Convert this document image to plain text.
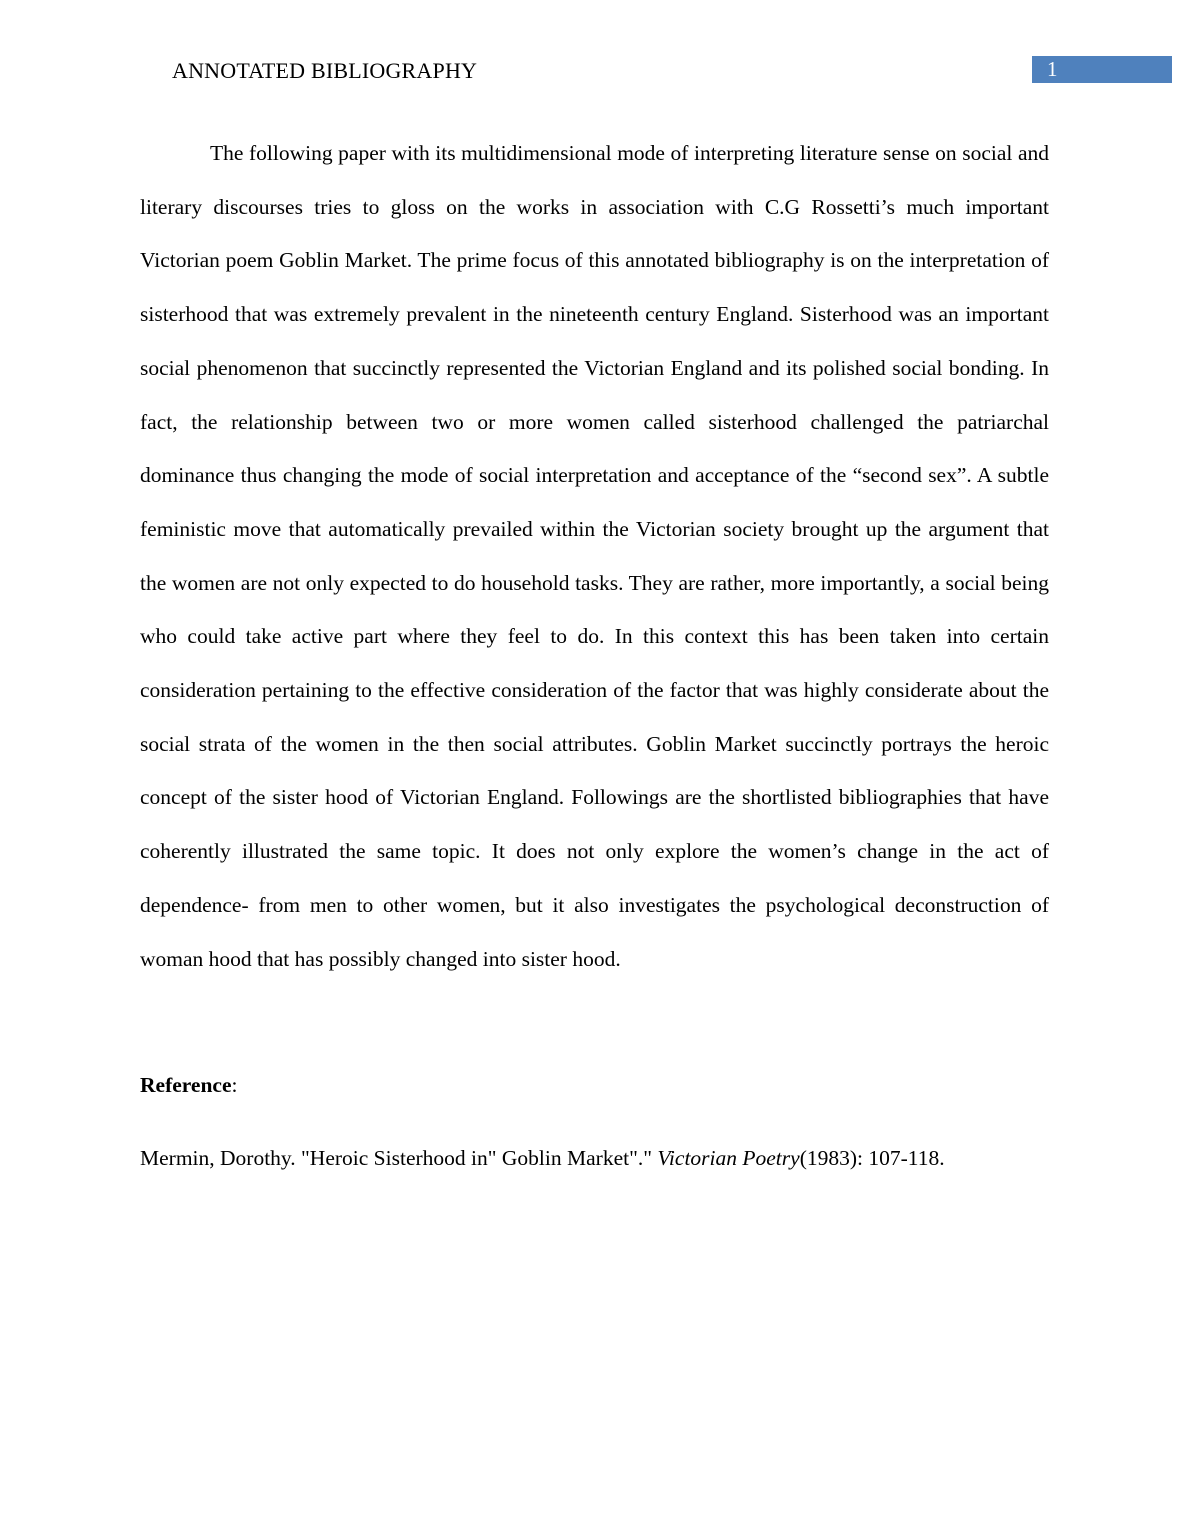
ANNOTATED BIBLIOGRAPHY	1
The following paper with its multidimensional mode of interpreting literature sense on social and literary discourses tries to gloss on the works in association with C.G Rossetti’s much important Victorian poem Goblin Market. The prime focus of this annotated bibliography is on the interpretation of sisterhood that was extremely prevalent in the nineteenth century England. Sisterhood was an important social phenomenon that succinctly represented the Victorian England and its polished social bonding. In fact, the relationship between two or more women called sisterhood challenged the patriarchal dominance thus changing the mode of social interpretation and acceptance of the “second sex”. A subtle feministic move that automatically prevailed within the Victorian society brought up the argument that the women are not only expected to do household tasks. They are rather, more importantly, a social being who could take active part where they feel to do. In this context this has been taken into certain consideration pertaining to the effective consideration of the factor that was highly considerate about the social strata of the women in the then social attributes. Goblin Market succinctly portrays the heroic concept of the sister hood of Victorian England. Followings are the shortlisted bibliographies that have coherently illustrated the same topic. It does not only explore the women’s change in the act of dependence- from men to other women, but it also investigates the psychological deconstruction of woman hood that has possibly changed into sister hood.
Reference:
Mermin, Dorothy. "Heroic Sisterhood in" Goblin Market"." Victorian Poetry(1983): 107-118.
